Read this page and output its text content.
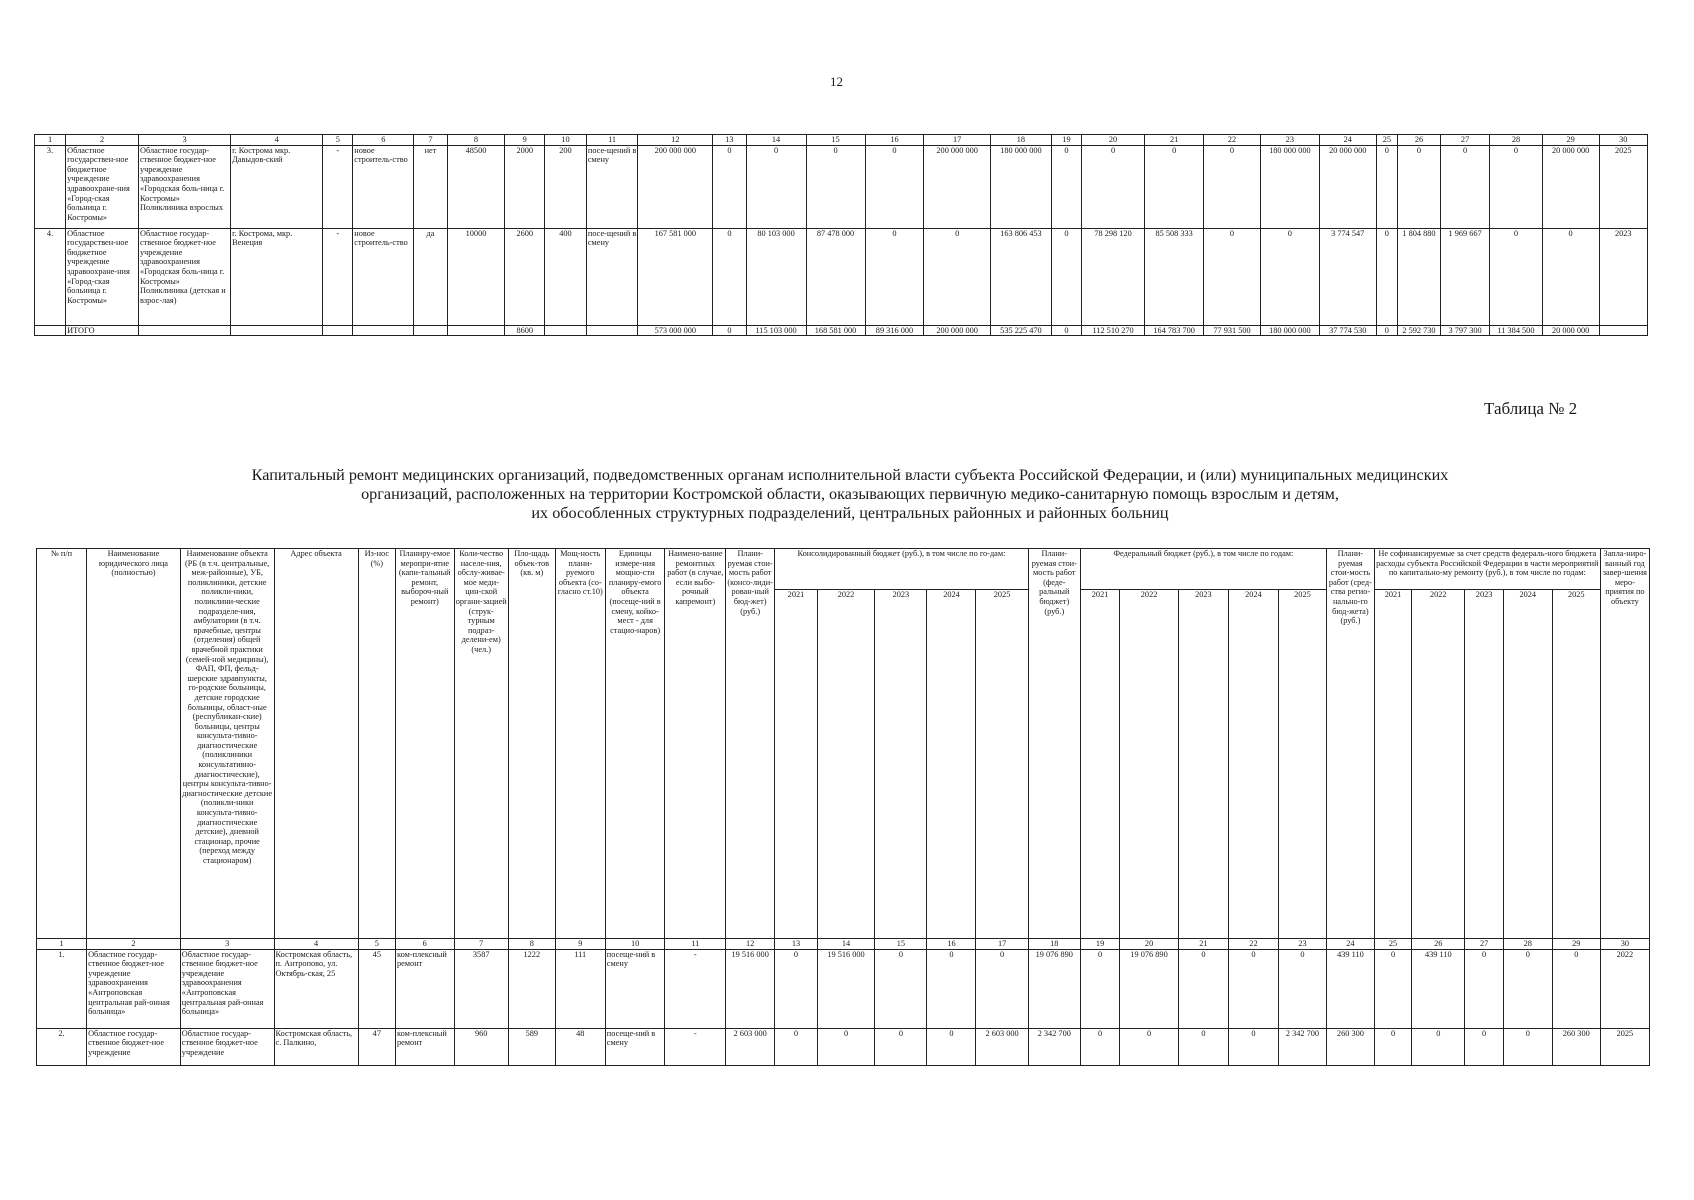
12
1	2	3	4	5	6	7	8	9	10	11	12	13	14	15	16	17	18	19	20	21	22	23	24	25	26	27	28	29	30
3.	Областное государствен-ное бюджетное учреждение здравоохране-ния «Город-ская больница г. Костромы»	Областное государ-ственное бюджет-ное учреждение здравоохранения «Городская боль-ница г. Костромы» Поликлиника взрослых	г. Кострома мкр. Давыдов-ский	-	новое строитель-ство	нет	48500	2000	200	посе-щений в смену	200 000 000	0	0	0	0	200 000 000	180 000 000	0	0	0	0	180 000 000	20 000 000	0	0	0	0	20 000 000	2025
4.	Областное государствен-ное бюджетное учреждение здравоохране-ния «Город-ская больница г. Костромы»	Областное государ-ственное бюджет-ное учреждение здравоохранения «Городская боль-ница г. Костромы» Поликлиника (детская и взрос-лая)	г. Кострома, мкр. Венеция	-	новое строитель-ство	да	10000	2600	400	посе-щений в смену	167 581 000	0	80 103 000	87 478 000	0	0	163 806 453	0	78 298 120	85 508 333	0	0	3 774 547	0	1 804 880	1 969 667	0	0	2023
	ИТОГО							8600			573 000 000	0	115 103 000	168 581 000	89 316 000	200 000 000	535 225 470	0	112 510 270	164 783 700	77 931 500	180 000 000	37 774 530	0	2 592 730	3 797 300	11 384 500	20 000 000	
Таблица № 2
Капитальный ремонт медицинских организаций, подведомственных органам исполнительной власти субъекта Российской Федерации, и (или) муниципальных медицинских
организаций, расположенных на территории Костромской области, оказывающих первичную медико-санитарную помощь взрослым и детям,
их обособленных структурных подразделений, центральных районных и районных больниц
№ п/п	Наименование юридического лица (полностью)	Наименование объекта (РБ (в т.ч. центральные, меж-районные), УБ, поликлиники, детские поликли-ники, поликлини-ческие подразделе-ния, амбулатории (в т.ч. врачебные, центры (отделения) общей врачебной практики (семей-ной медицины), ФАП, ФП, фельд-шерские здравпункты, го-родские больницы, детские городские больницы, област-ные (республикан-ские) больницы, центры консульта-тивно-диагностические (поликлиники консультативно-диагностические), центры консульта-тивно-диагностические детские (поликли-ники консульта-тивно-диагностические детские), дневной стационар, прочие (переход между стационаром)	Адрес объекта	Из-нос (%)	Планиру-емое меропри-ятие (капи-тальный ремонт, выбороч-ный ремонт)	Коли-чество населе-ния, обслу-живае-мое меди-цин-ской органи-зацией (струк-турным подраз-делени-ем) (чел.)	Пло-щадь объек-тов (кв. м)	Мощ-ность плани-руемого объекта (со-гласно ст.10)	Единицы измере-ния мощно-сти планиру-емого объекта (посеще-ний в смену, койко-мест - для стацио-наров)	Наимено-вание ремонтных работ (в случае, если выбо-рочный капремонт)	Плани-руемая стои-мость работ (консо-лиди-рован-ный бюд-жет) (руб.)	Консолидированный бюджет (руб.), в том числе по го-дам:					Плани-руемая стои-мость работ (феде-ральный бюджет) (руб.)	Федеральный бюджет (руб.), в том числе по годам:					Плани-руемая стои-мость работ (сред-ства регио-нально-го бюд-жета) (руб.)	Не софинансируемые за счет средств федераль-ного бюджета расходы субъекта Российской Федерации в части мероприятий по капитально-му ремонту (руб.), в том числе по годам:					Запла-ниро-ванный год завер-шения меро-приятия по объекту
												2021	2022	2023	2024	2025		2021	2022	2023	2024	2025		2021	2022	2023	2024	2025	
1	2	3	4	5	6	7	8	9	10	11	12	13	14	15	16	17	18	19	20	21	22	23	24	25	26	27	28	29	30
1.	Областное государ-ственное бюджет-ное учреждение здравоохранения «Антроповская центральная рай-онная больница»	Областное государ-ственное бюджет-ное учреждение здравоохранения «Антроповская центральная рай-онная больница»	Костромская область, п. Антропово, ул. Октябрь-ская, 25	45	ком-плексный ремонт	3587	1222	111	посеще-ний в смену	-	19 516 000	0	19 516 000	0	0	0	19 076 890	0	19 076 890	0	0	0	439 110	0	439 110	0	0	0	2022
2.	Областное государ-ственное бюджет-ное учреждение	Областное государ-ственное бюджет-ное учреждение	Костромская область, с. Палкино,	47	ком-плексный ремонт	960	589	48	посеще-ний в смену	-	2 603 000	0	0	0	0	2 603 000	2 342 700	0	0	0	0	2 342 700	260 300	0	0	0	0	260 300	2025
